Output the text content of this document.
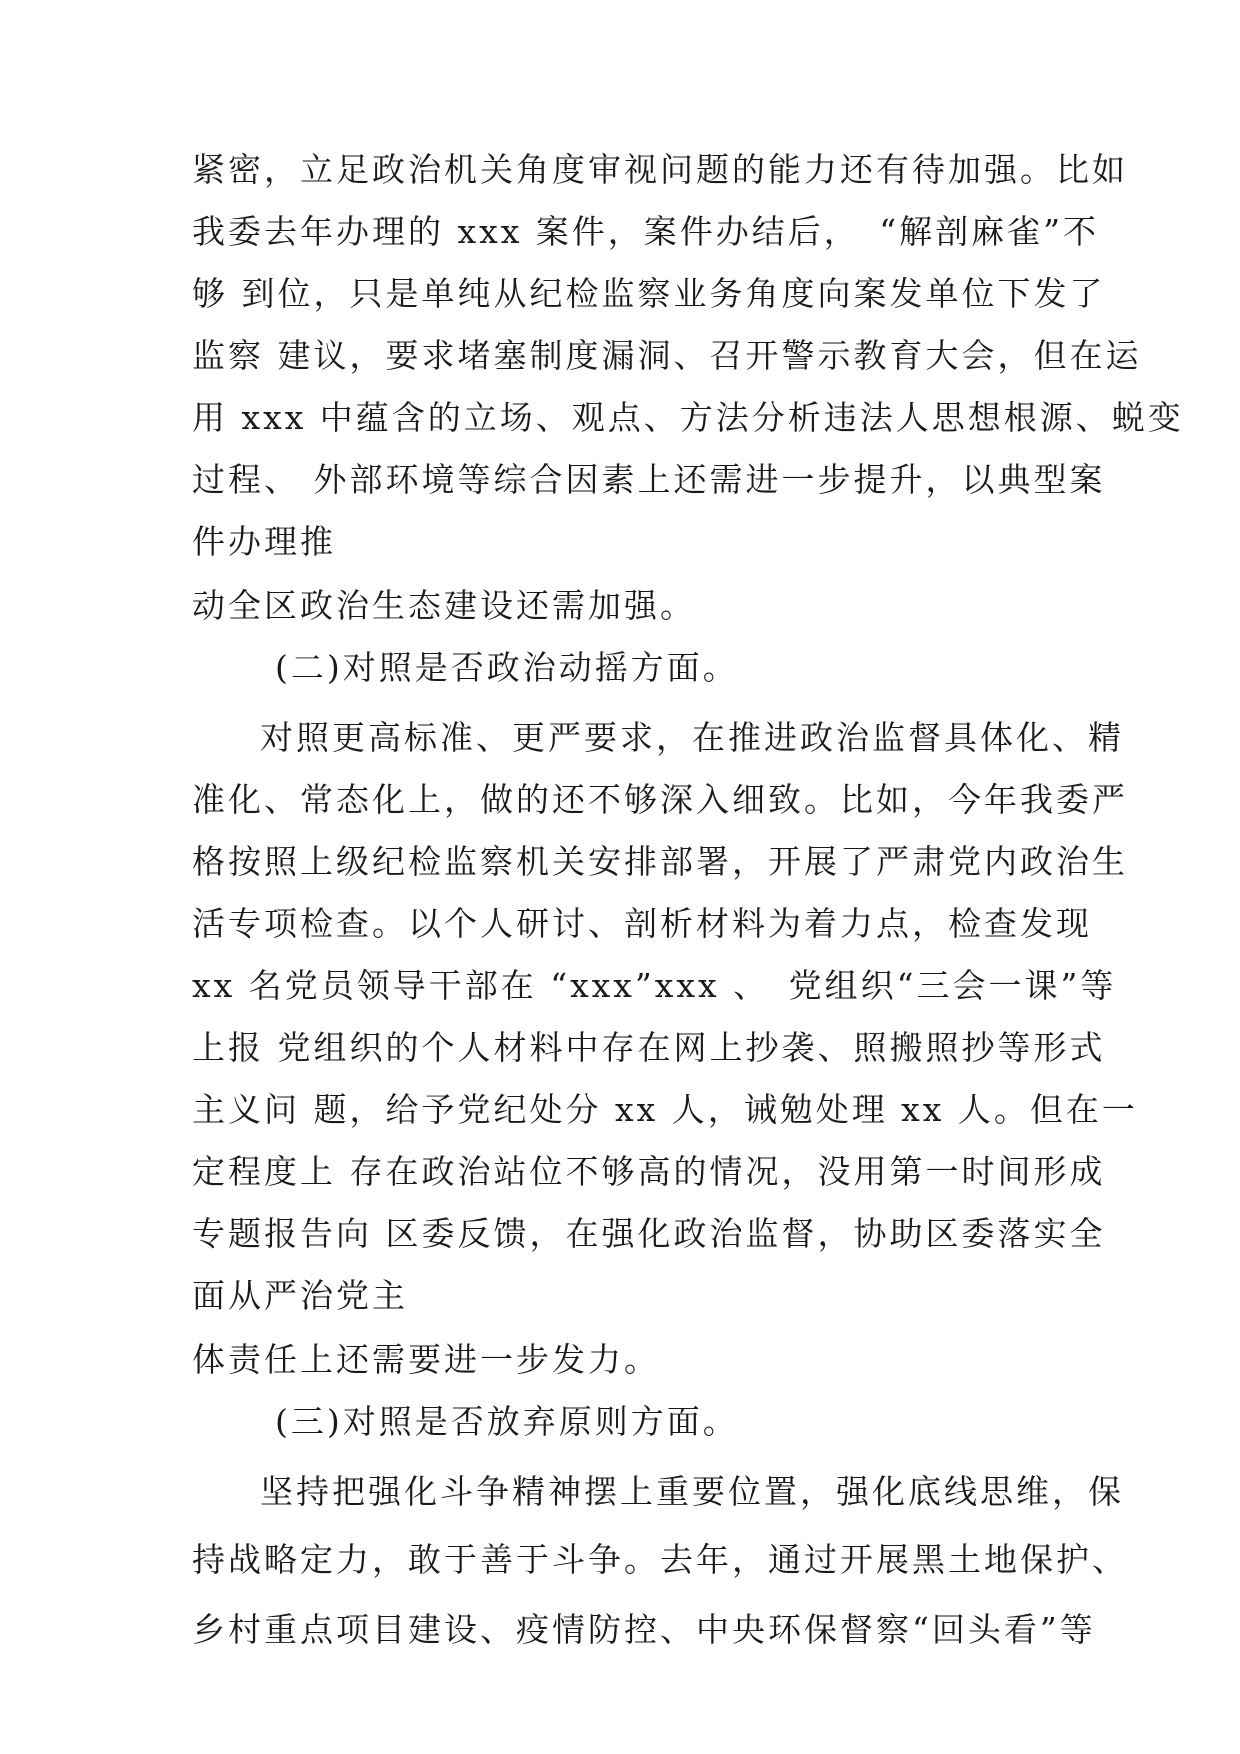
紧密，立足政治机关角度审视问题的能力还有待加强。比如
我委去年办理的 xxx 案件，案件办结后，　“解剖麻雀”不
够 到位，只是单纯从纪检监察业务角度向案发单位下发了
监察 建议，要求堵塞制度漏洞、召开警示教育大会，但在运
用 xxx 中蕴含的立场、观点、方法分析违法人思想根源、蜕变
过程、 外部环境等综合因素上还需进一步提升，以典型案
件办理推
动全区政治生态建设还需加强。
(二)对照是否政治动摇方面。
对照更高标准、更严要求，在推进政治监督具体化、精
准化、常态化上，做的还不够深入细致。比如，今年我委严
格按照上级纪检监察机关安排部署，开展了严肃党内政治生
活专项检查。以个人研讨、剖析材料为着力点，检查发现
xx 名党员领导干部在 “xxx”xxx 、　党组织“三会一课”等
上报 党组织的个人材料中存在网上抄袭、照搬照抄等形式
主义问 题，给予党纪处分 xx 人，诫勉处理 xx 人。但在一
定程度上 存在政治站位不够高的情况，没用第一时间形成
专题报告向 区委反馈，在强化政治监督，协助区委落实全
面从严治党主
体责任上还需要进一步发力。
(三)对照是否放弃原则方面。
坚持把强化斗争精神摆上重要位置，强化底线思维，保
持战略定力，敢于善于斗争。去年，通过开展黑土地保护、
乡村重点项目建设、疫情防控、中央环保督察“回头看”等
